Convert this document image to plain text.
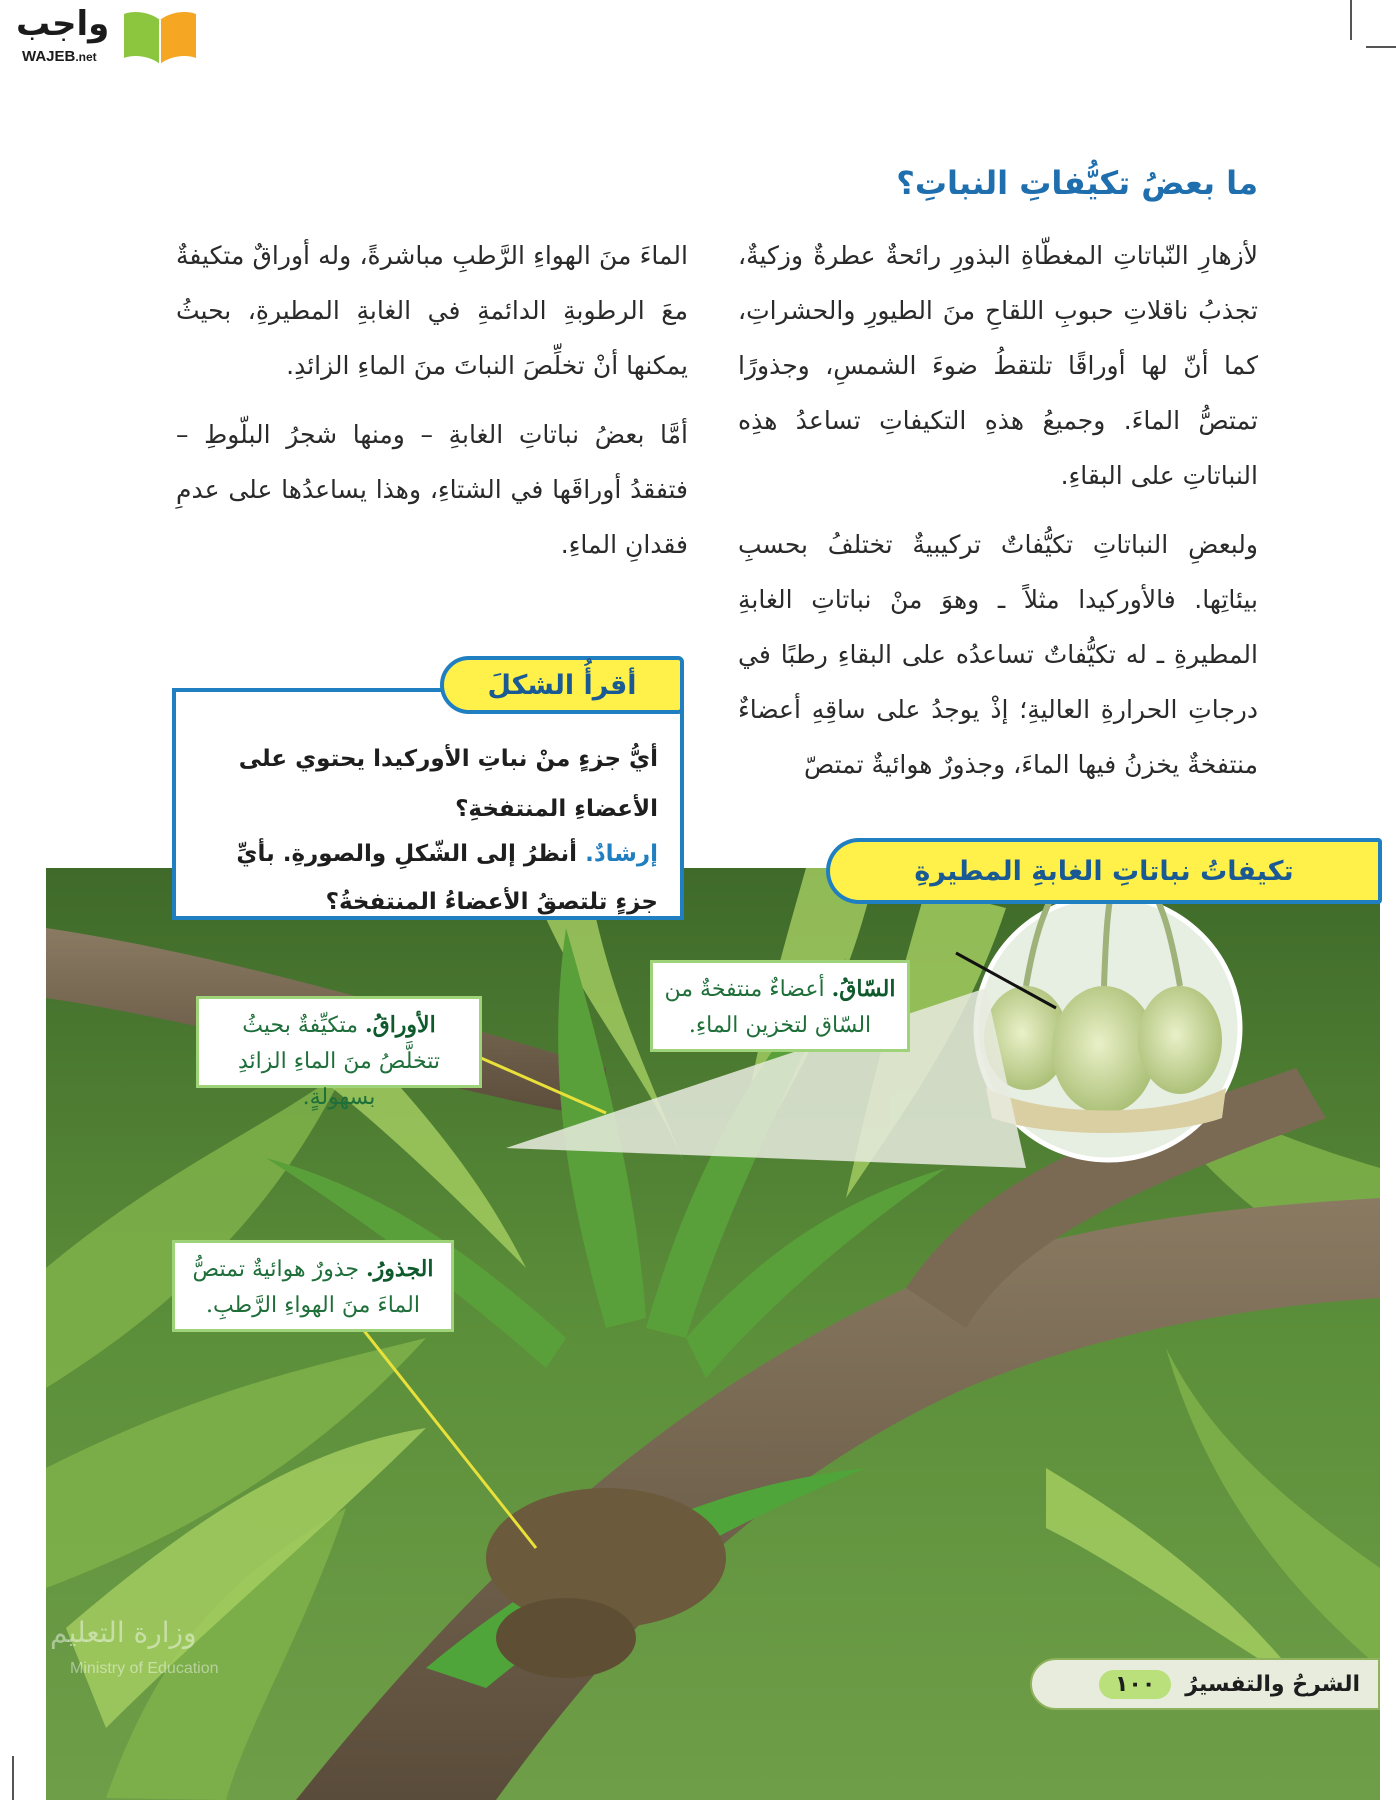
واجب
WAJEB.net
ما بعضُ تكيُّفاتِ النباتِ؟

لأزهارِ النّباتاتِ المغطّاةِ البذورِ رائحةٌ عطرةٌ وزكيةٌ، تجذبُ ناقلاتِ حبوبِ اللقاحِ منَ الطيورِ والحشراتِ، كما أنّ لها أوراقًا تلتقطُ ضوءَ الشمسِ، وجذورًا تمتصُّ الماءَ. وجميعُ هذهِ التكيفاتِ تساعدُ هذِه النباتاتِ على البقاءِ.

ولبعضِ النباتاتِ تكيُّفاتٌ تركيبيةٌ تختلفُ بحسبِ بيئاتِها. فالأوركيدا مثلاً ـ وهوَ منْ نباتاتِ الغابةِ المطيرةِ ـ له تكيُّفاتٌ تساعدُه على البقاءِ رطبًا في درجاتِ الحرارةِ العاليةِ؛ إذْ يوجدُ على ساقِهِ أعضاءٌ منتفخةٌ يخزنُ فيها الماءَ، وجذورٌ هوائيةٌ تمتصّ

الماءَ منَ الهواءِ الرَّطبِ مباشرةً، وله أوراقٌ متكيفةٌ معَ الرطوبةِ الدائمةِ في الغابةِ المطيرةِ، بحيثُ يمكنها أنْ تخلِّصَ النباتَ منَ الماءِ الزائدِ.

أمَّا بعضُ نباتاتِ الغابةِ – ومنها شجرُ البلّوطِ – فتفقدُ أوراقَها في الشتاءِ، وهذا يساعدُها على عدمِ فقدانِ الماءِ.

أقرأُ الشكلَ
أيُّ جزءٍ منْ نباتِ الأوركيدا يحتوي على الأعضاءِ المنتفخةِ؟
إرشادٌ. أنظرُ إلى الشّكلِ والصورةِ. بأيِّ جزءٍ تلتصقُ الأعضاءُ المنتفخةُ؟
تكيفاتُ نباتاتِ الغابةِ المطيرةِ
السّاقُ. أعضاءٌ منتفخةٌ من السّاق لتخزين الماءِ.
الأوراقُ. متكيِّفةٌ بحيثُ تتخلَّصُ منَ الماءِ الزائدِ بسهولةٍ.
الجذورُ. جذورٌ هوائيةٌ تمتصُّ الماءَ منَ الهواءِ الرَّطبِ.
وزارة التعليم
Ministry of Education
الشرحُ والتفسيرُ
١٠٠
